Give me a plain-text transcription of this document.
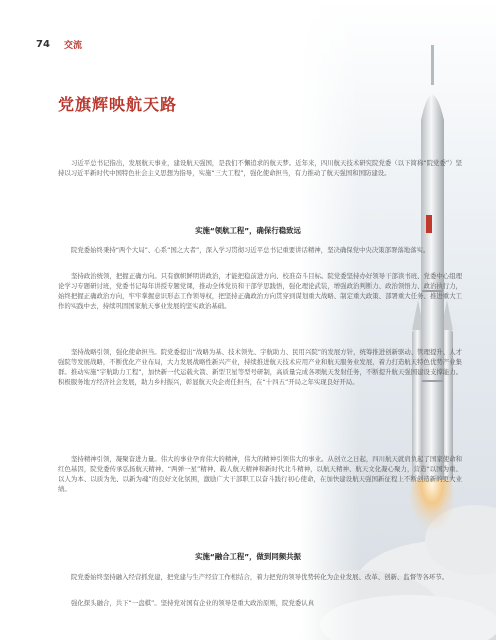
74	交流
党旗辉映航天路

习近平总书记指出，发展航天事业，建设航天强国，是我们不懈追求的航天梦。近年来，四川航天技术研究院党委（以下简称“院党委”）坚持以习近平新时代中国特色社会主义思想为指导，实施“三大工程”，强化使命担当，有力推动了航天强国和国防建设。

实施“领航工程”，确保行稳致远

院党委始终秉持“两个大局”、心系“国之大者”，深入学习贯彻习近平总书记重要讲话精神，坚决确保党中央决策部署落地落实。

坚持政治统领，把握正确方向。只有旗帜鲜明讲政治，才能把稳前进方向、校准奋斗目标。院党委坚持办好领导干部读书班、党委中心组理论学习专题研讨班，党委书记每年讲授专题党课，推动全体党员和干部学思践悟，强化理论武装，增强政治判断力、政治领悟力、政治执行力，始终把握正确政治方向，牢牢掌握意识形态工作领导权，把坚持正确政治方向贯穿到谋划重大战略、制定重大政策、部署重大任务、推进重大工作的实践中去，持续巩固国家航天事业发展的坚实政治基础。

坚持战略引领，强化使命担当。院党委提出“战略为基、技术领先、宇航助力、民用兴院”的发展方针，统筹推进创新驱动、管理提升、人才强院等发展战略，不断优化产业布局，大力发展战略性新兴产业，持续推进航天技术应用产业和航天服务业发展，着力打造航天特色优势产业集群。推动实施“宇航助力工程”，加快新一代运载火箭、新型卫星等型号研制，高质量完成各项航天发射任务，不断提升航天强国建设支撑能力。积极服务地方经济社会发展，助力乡村振兴，彰显航天央企责任担当，在“十四五”开局之年实现良好开局。

坚持精神引领，凝聚奋进力量。伟大的事业孕育伟大的精神，伟大的精神引领伟大的事业。从创立之日起，四川航天就肩负起了国家使命和红色基因，院党委传承弘扬航天精神、“两弹一星”精神、载人航天精神和新时代北斗精神，以航天精神、航天文化凝心聚力，营造“以国为重、以人为本、以质为先、以新为魂”的良好文化氛围，激励广大干部职工以奋斗践行初心使命，在加快建设航天强国新征程上不断创造新的更大业绩。

实施“融合工程”，做到同频共振

院党委始终坚持融入经营抓党建，把党建与生产经营工作相结合，着力把党的领导优势转化为企业发展、改革、创新、监督等各环节。

强化探头融合，共下“一盘棋”。坚持党对国有企业的领导是重大政治原则，院党委认真
